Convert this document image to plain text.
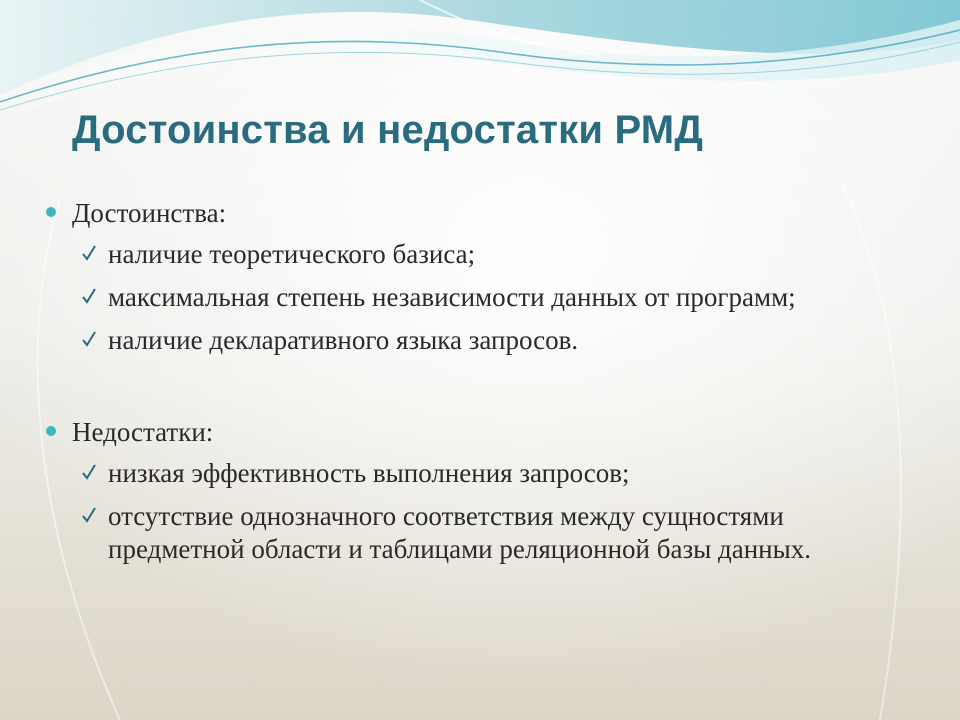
Достоинства и недостатки РМД
Достоинства:
наличие теоретического базиса;
максимальная степень независимости данных от программ;
наличие декларативного языка запросов.
Недостатки:
низкая эффективность выполнения запросов;
отсутствие однозначного соответствия между сущностями предметной области и таблицами реляционной базы данных.
